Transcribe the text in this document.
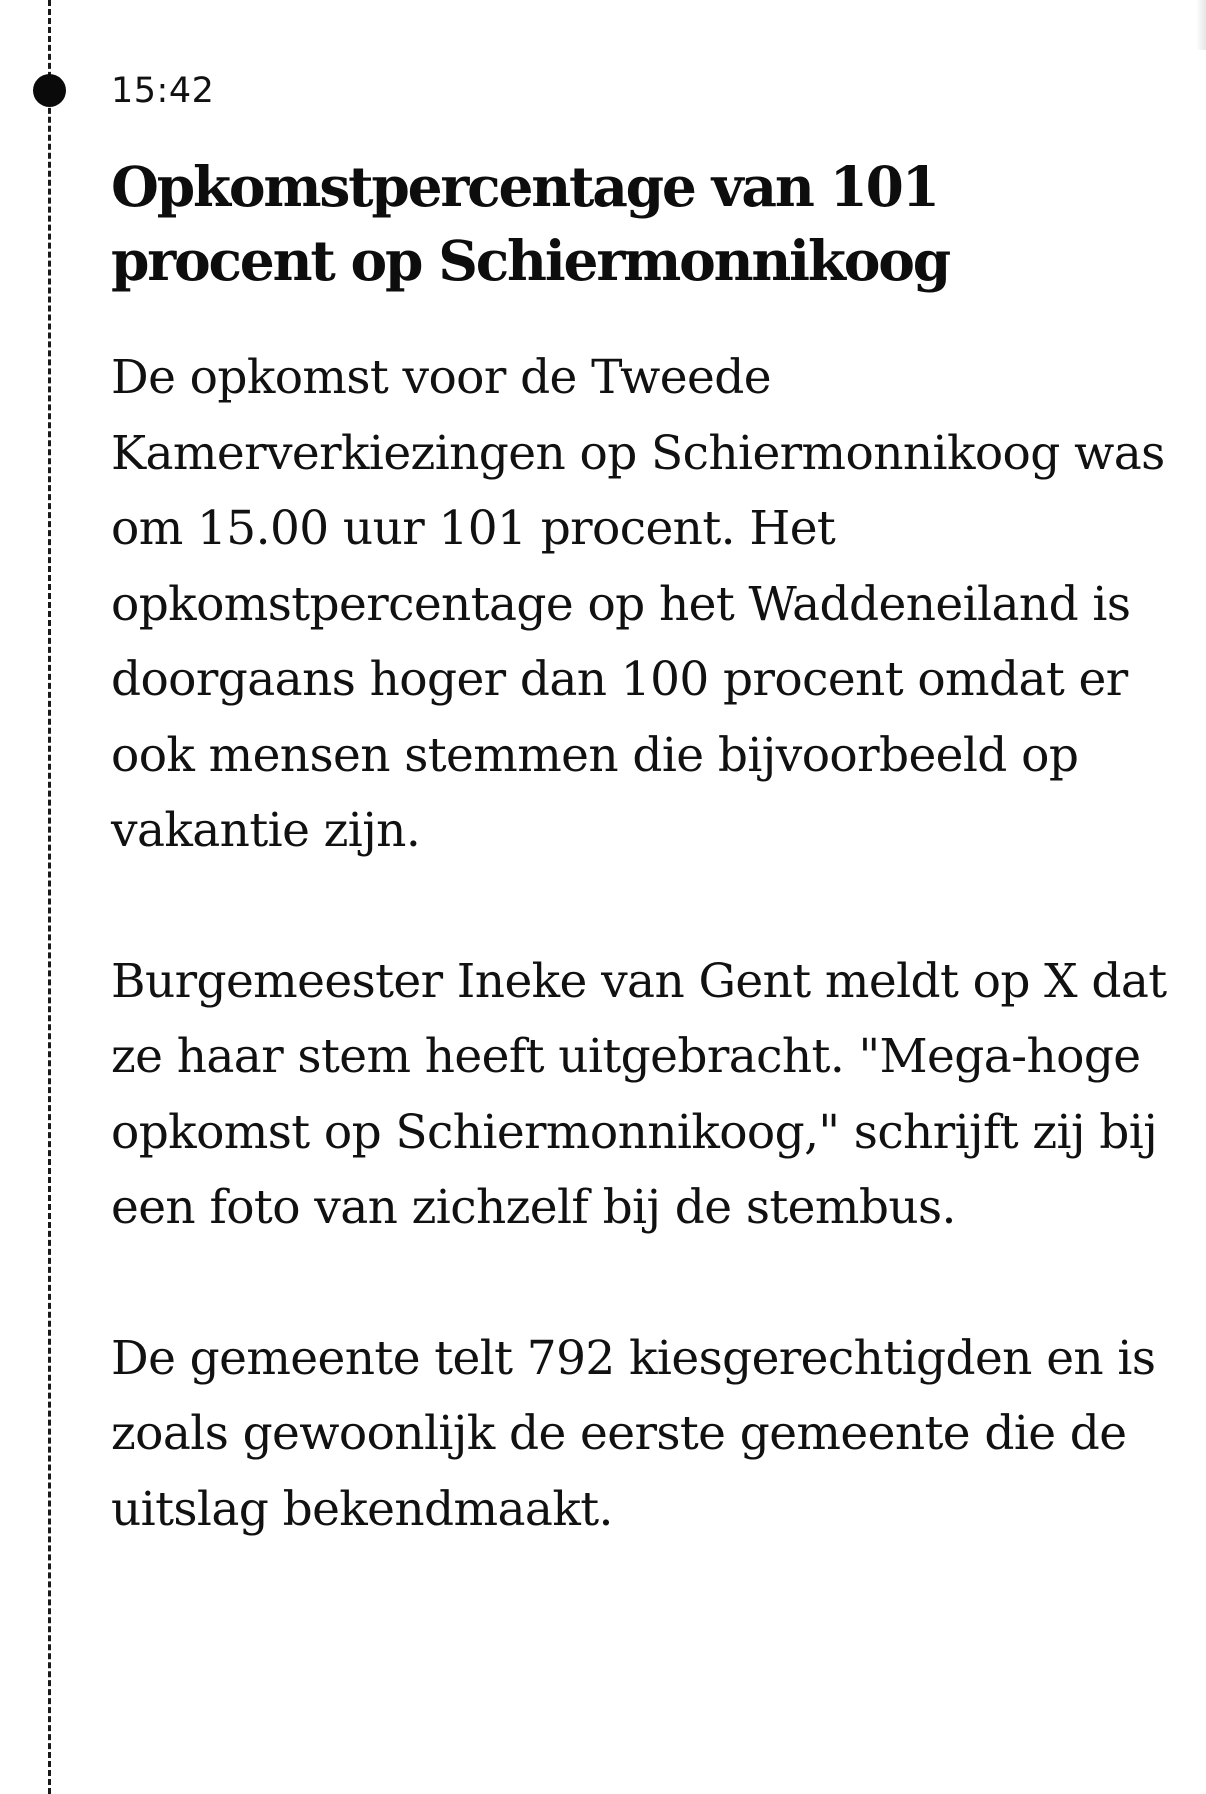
15:42
Opkomstpercentage van 101 procent op Schiermonnikoog

De opkomst voor de Tweede Kamerverkiezingen op Schiermonnikoog was om 15.00 uur 101 procent. Het opkomstpercentage op het Waddeneiland is doorgaans hoger dan 100 procent omdat er ook mensen stemmen die bijvoorbeeld op vakantie zijn.

Burgemeester Ineke van Gent meldt op X dat ze haar stem heeft uitgebracht. "Mega-hoge opkomst op Schiermonnikoog," schrijft zij bij een foto van zichzelf bij de stembus.

De gemeente telt 792 kiesgerechtigden en is zoals gewoonlijk de eerste gemeente die de uitslag bekendmaakt.
